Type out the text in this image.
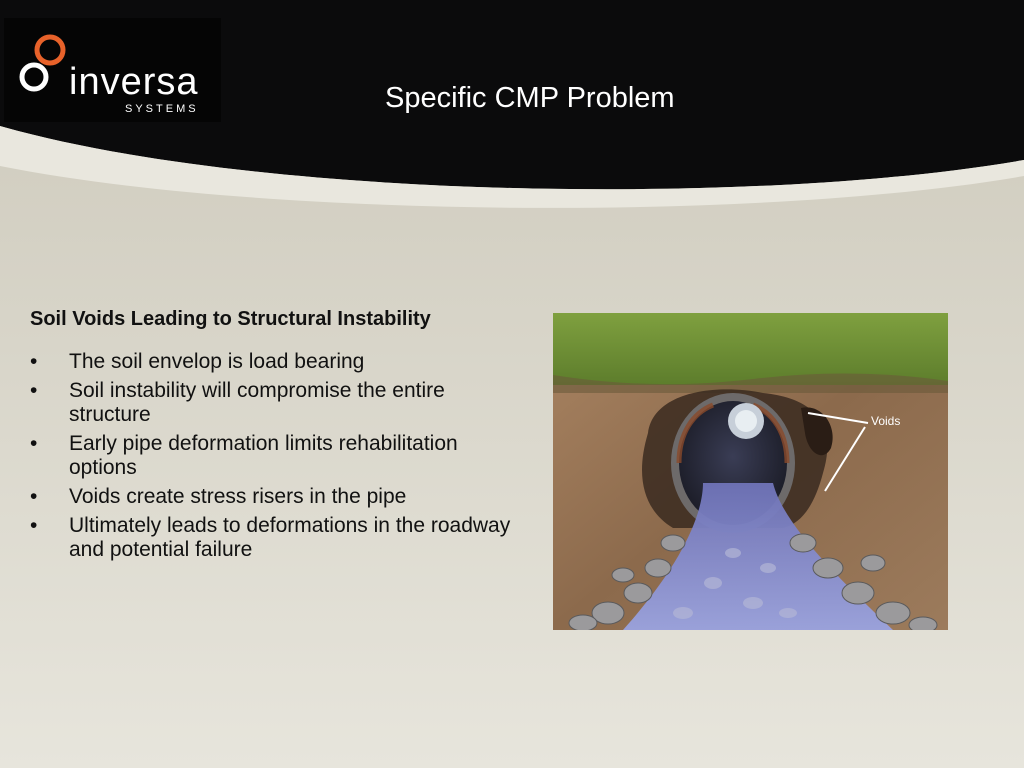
inversa
SYSTEMS	Specific CMP Problem
Soil Voids Leading to Structural Instability
• The soil envelop is load bearing
• Soil instability will compromise the entire structure
• Early pipe deformation limits rehabilitation options
• Voids create stress risers in the pipe
• Ultimately leads to deformations in the roadway and potential failure
Voids
